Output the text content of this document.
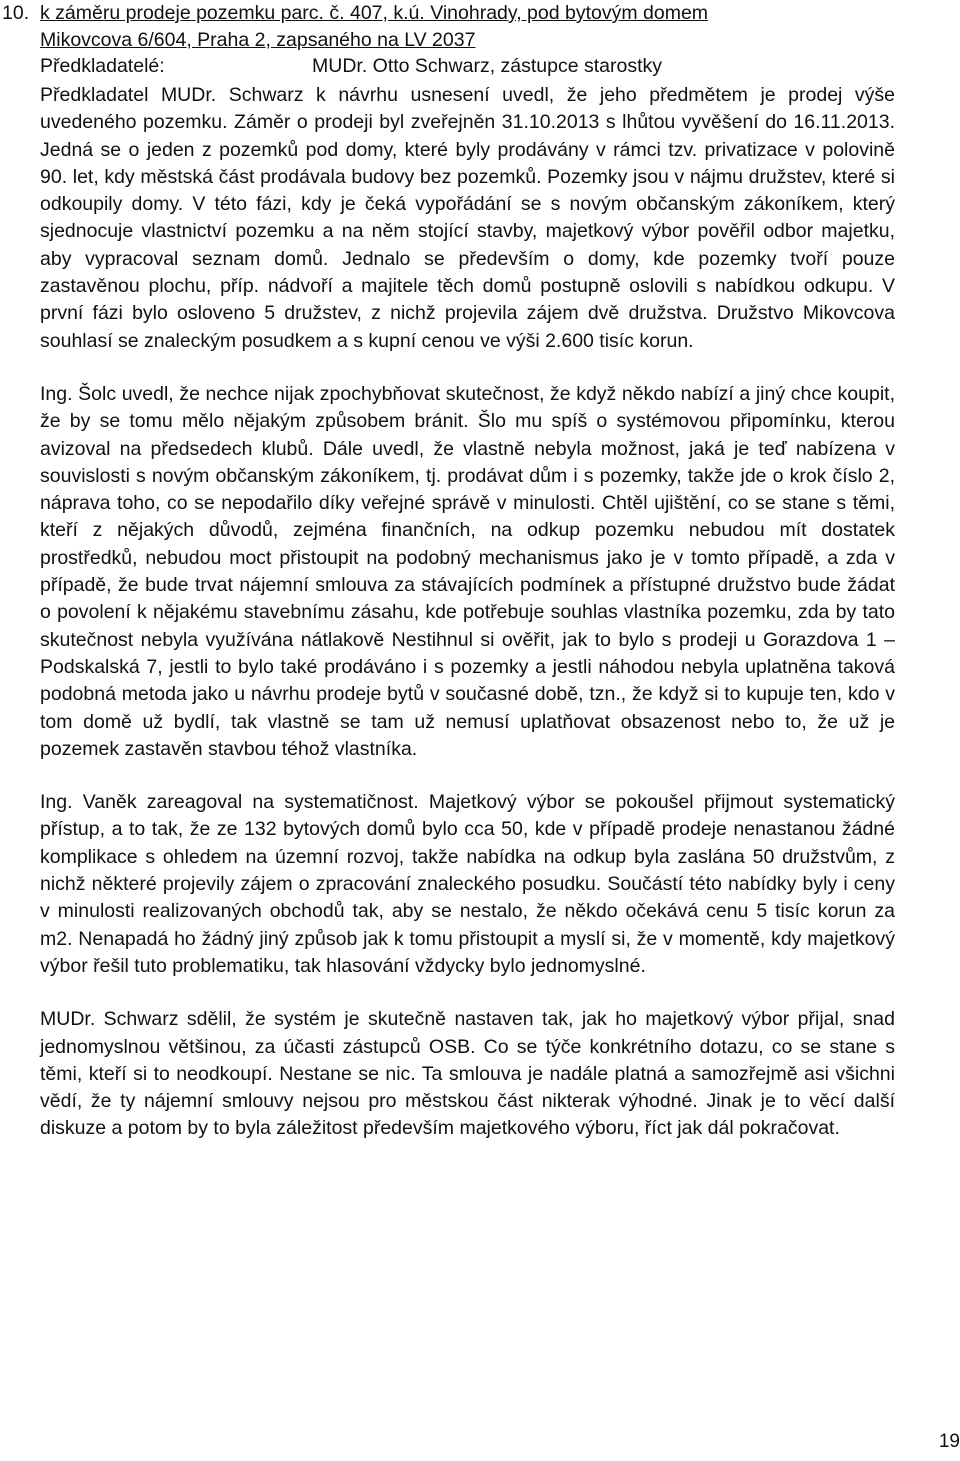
10. k záměru prodeje pozemku parc. č. 407, k.ú. Vinohrady, pod bytovým domem
Mikovcova 6/604, Praha 2, zapsaného na LV 2037
Předkladatelé:	MUDr. Otto Schwarz, zástupce starostky

Předkladatel MUDr. Schwarz k návrhu usnesení uvedl, že jeho předmětem je prodej výše uvedeného pozemku. Záměr o prodeji byl zveřejněn 31.10.2013 s lhůtou vyvěšení do 16.11.2013. Jedná se o jeden z pozemků pod domy, které byly prodávány v rámci tzv. privatizace v polovině 90. let, kdy městská část prodávala budovy bez pozemků. Pozemky jsou v nájmu družstev, které si odkoupily domy. V této fázi, kdy je čeká vypořádání se s novým občanským zákoníkem, který sjednocuje vlastnictví pozemku a na něm stojící stavby, majetkový výbor pověřil odbor majetku, aby vypracoval seznam domů. Jednalo se především o domy, kde pozemky tvoří pouze zastavěnou plochu, příp. nádvoří a majitele těch domů postupně oslovili s nabídkou odkupu. V první fázi bylo osloveno 5 družstev, z nichž projevila zájem dvě družstva. Družstvo Mikovcova souhlasí se znaleckým posudkem a s kupní cenou ve výši 2.600 tisíc korun.

Ing. Šolc uvedl, že nechce nijak zpochybňovat skutečnost, že když někdo nabízí a jiný chce koupit, že by se tomu mělo nějakým způsobem bránit. Šlo mu spíš o systémovou připomínku, kterou avizoval na předsedech klubů. Dále uvedl, že vlastně nebyla možnost, jaká je teď nabízena v souvislosti s novým občanským zákoníkem, tj. prodávat dům i s pozemky, takže jde o krok číslo 2, náprava toho, co se nepodařilo díky veřejné správě v minulosti. Chtěl ujištění, co se stane s těmi, kteří z nějakých důvodů, zejména finančních, na odkup pozemku nebudou mít dostatek prostředků, nebudou moct přistoupit na podobný mechanismus jako je v tomto případě, a zda v případě, že bude trvat nájemní smlouva za stávajících podmínek a přístupné družstvo bude žádat o povolení k nějakému stavebnímu zásahu, kde potřebuje souhlas vlastníka pozemku, zda by tato skutečnost nebyla využívána nátlakově Nestihnul si ověřit, jak to bylo s prodeji u Gorazdova 1 – Podskalská 7, jestli to bylo také prodáváno i s pozemky a jestli náhodou nebyla uplatněna taková podobná metoda jako u návrhu prodeje bytů v současné době, tzn., že když si to kupuje ten, kdo v tom domě už bydlí, tak vlastně se tam už nemusí uplatňovat obsazenost nebo to, že už je pozemek zastavěn stavbou téhož vlastníka.

Ing. Vaněk zareagoval na systematičnost. Majetkový výbor se pokoušel přijmout systematický přístup, a to tak, že ze 132 bytových domů bylo cca 50, kde v případě prodeje nenastanou žádné komplikace s ohledem na územní rozvoj, takže nabídka na odkup byla zaslána 50 družstvům, z nichž některé projevily zájem o zpracování znaleckého posudku. Součástí této nabídky byly i ceny v minulosti realizovaných obchodů tak, aby se nestalo, že někdo očekává cenu 5 tisíc korun za m2. Nenapadá ho žádný jiný způsob jak k tomu přistoupit a myslí si, že v momentě, kdy majetkový výbor řešil tuto problematiku, tak hlasování vždycky bylo jednomyslné.

MUDr. Schwarz sdělil, že systém je skutečně nastaven tak, jak ho majetkový výbor přijal, snad jednomyslnou většinou, za účasti zástupců OSB. Co se týče konkrétního dotazu, co se stane s těmi, kteří si to neodkoupí. Nestane se nic. Ta smlouva je nadále platná a samozřejmě asi všichni vědí, že ty nájemní smlouvy nejsou pro městskou část nikterak výhodné. Jinak je to věcí další diskuze a potom by to byla záležitost především majetkového výboru, říct jak dál pokračovat.

19
